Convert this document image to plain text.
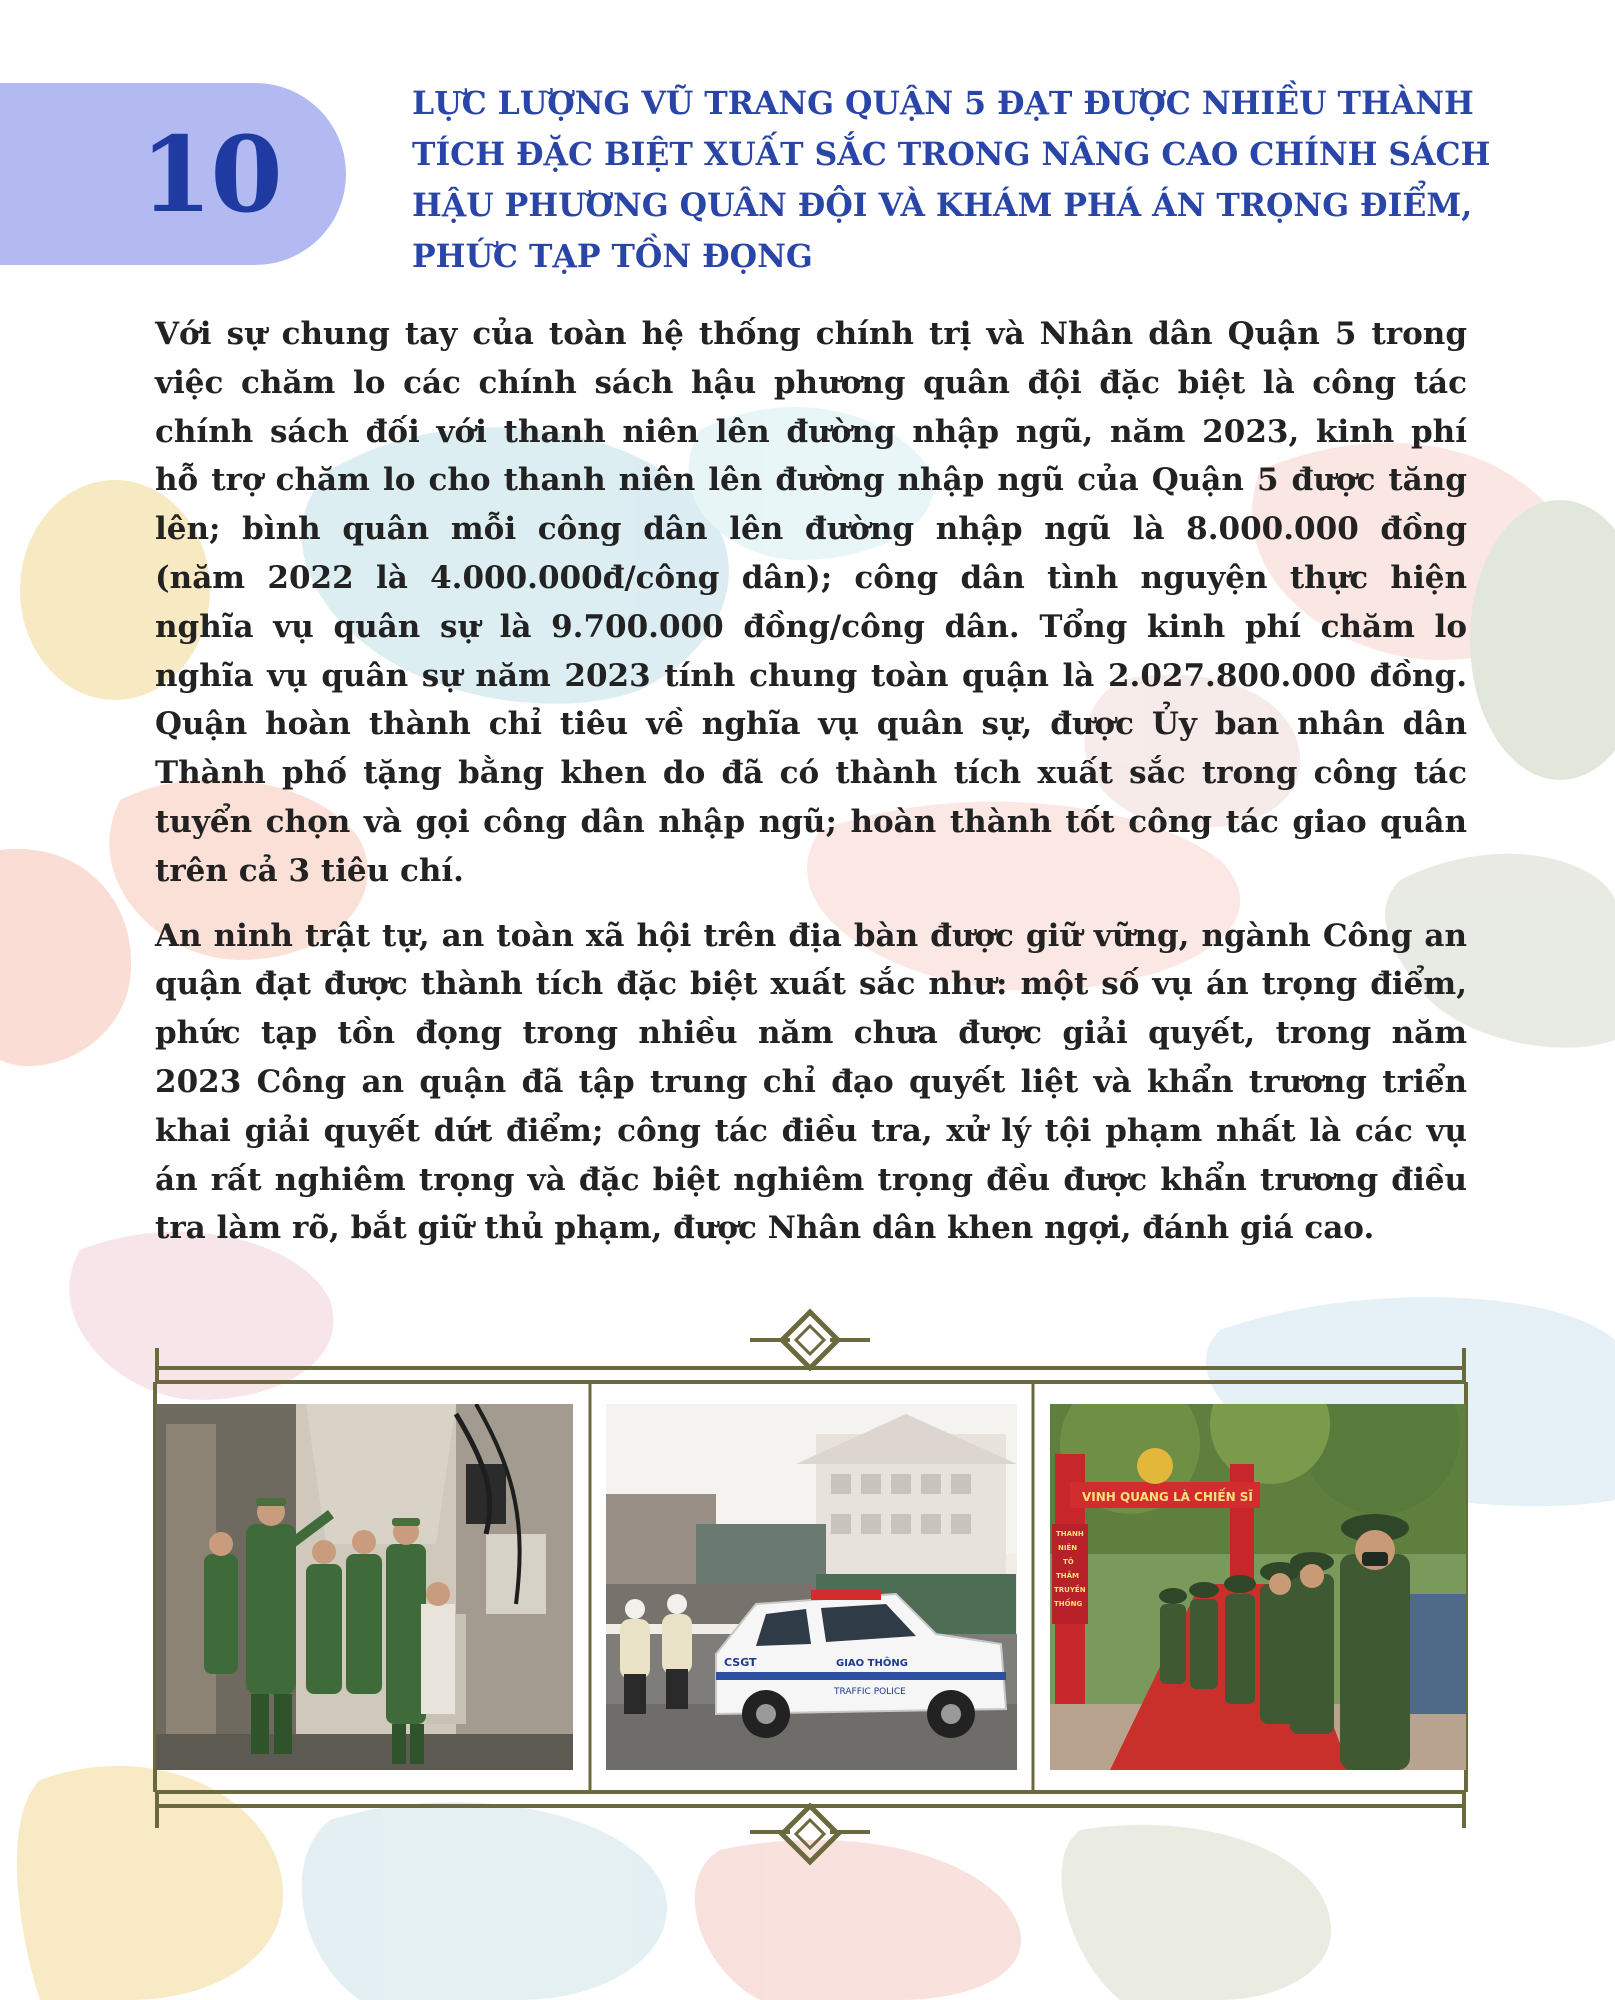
10
LỰC LƯỢNG VŨ TRANG QUẬN 5 ĐẠT ĐƯỢC NHIỀU THÀNH
TÍCH ĐẶC BIỆT XUẤT SẮC TRONG NÂNG CAO CHÍNH SÁCH
HẬU PHƯƠNG QUÂN ĐỘI VÀ KHÁM PHÁ ÁN TRỌNG ĐIỂM,
PHỨC TẠP TỒN ĐỌNG

Với sự chung tay của toàn hệ thống chính trị và Nhân dân Quận 5 trong
việc chăm lo các chính sách hậu phương quân đội đặc biệt là công tác
chính sách đối với thanh niên lên đường nhập ngũ, năm 2023, kinh phí
hỗ trợ chăm lo cho thanh niên lên đường nhập ngũ của Quận 5 được tăng
lên; bình quân mỗi công dân lên đường nhập ngũ là 8.000.000 đồng
(năm 2022 là 4.000.000đ/công dân); công dân tình nguyện thực hiện
nghĩa vụ quân sự là 9.700.000 đồng/công dân. Tổng kinh phí chăm lo
nghĩa vụ quân sự năm 2023 tính chung toàn quận là 2.027.800.000 đồng.
Quận hoàn thành chỉ tiêu về nghĩa vụ quân sự, được Ủy ban nhân dân
Thành phố tặng bằng khen do đã có thành tích xuất sắc trong công tác
tuyển chọn và gọi công dân nhập ngũ; hoàn thành tốt công tác giao quân
trên cả 3 tiêu chí.

An ninh trật tự, an toàn xã hội trên địa bàn được giữ vững, ngành Công an
quận đạt được thành tích đặc biệt xuất sắc như: một số vụ án trọng điểm,
phức tạp tồn đọng trong nhiều năm chưa được giải quyết, trong năm
2023 Công an quận đã tập trung chỉ đạo quyết liệt và khẩn trương triển
khai giải quyết dứt điểm; công tác điều tra, xử lý tội phạm nhất là các vụ
án rất nghiêm trọng và đặc biệt nghiêm trọng đều được khẩn trương điều
tra làm rõ, bắt giữ thủ phạm, được Nhân dân khen ngợi, đánh giá cao.

CSGT	GIAO THÔNG
TRAFFIC POLICE
VINH QUANG LÀ CHIẾN SĨ
THANH
NIÊN
TÔ
THẮM
TRUYỀN
THỐNG
